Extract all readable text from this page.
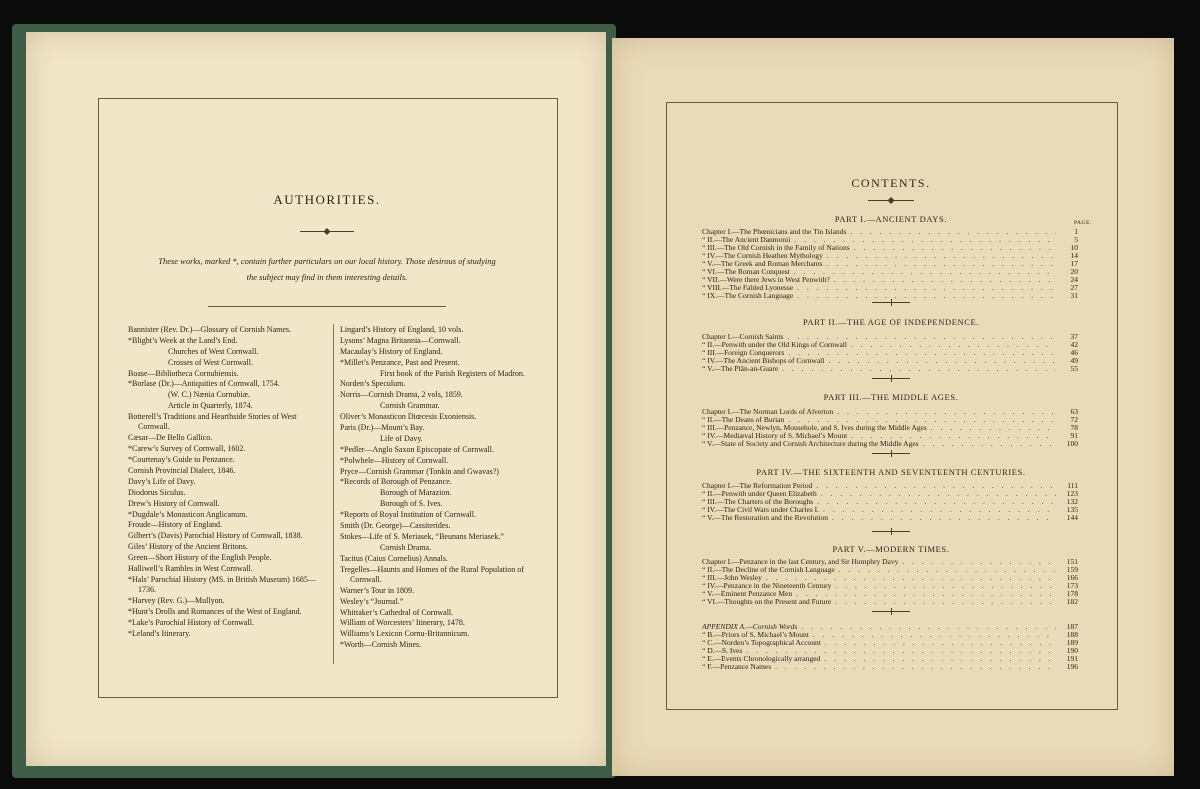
AUTHORITIES.
These works, marked *, contain further particulars on our local history. Those desirous of studying
the subject may find in them interesting details.
Bannister (Rev. Dr.)—Glossary of Cornish Names.
*Blight’s Week at the Land’s End.
Churches of West Cornwall.
Crosses of West Cornwall.
Boase—Bibliotheca Cornubiensis.
*Borlase (Dr.)—Antiquities of Cornwall, 1754.
(W. C.) Nænia Cornubiæ.
Article in Quarterly, 1874.
Botterell’s Traditions and Hearthside Stories of West Cornwall.
Cæsar—De Bello Gallico.
*Carew’s Survey of Cornwall, 1602.
*Courtenay’s Guide to Penzance.
Cornish Provincial Dialect, 1846.
Davy’s Life of Davy.
Diodorus Siculus.
Drew’s History of Cornwall.
*Dugdale’s Monasticon Anglicanum.
Froude—History of England.
Gilbert’s (Davis) Parochial History of Cornwall, 1838.
Giles’ History of the Ancient Britons.
Green—Short History of the English People.
Halliwell’s Rambles in West Cornwall.
*Hals’ Parochial History (MS. in British Museum) 1685—1736.
*Harvey (Rev. G.)—Mullyon.
*Hunt’s Drolls and Romances of the West of England.
*Lake’s Parochial History of Cornwall.
*Leland’s Itinerary.
Lingard’s History of England, 10 vols.
Lysons’ Magna Britannia—Cornwall.
Macaulay’s History of England.
*Millet’s Penzance, Past and Present.
First book of the Parish Registers of Madron.
Norden’s Speculum.
Norris—Cornish Drama, 2 vols, 1859.
Cornish Grammar.
Oliver’s Monasticon Diœcesis Exoniensis.
Paris (Dr.)—Mount’s Bay.
Life of Davy.
*Pedler—Anglo Saxon Episcopate of Cornwall.
*Polwhele—History of Cornwall.
Pryce—Cornish Grammar (Tonkin and Gwavas?)
*Records of Borough of Penzance.
Borough of Marazion.
Borough of S. Ives.
*Reports of Royal Institution of Cornwall.
Smith (Dr. George)—Cassiterides.
Stokes—Life of S. Meriasek, “Beunans Meriasek.”
Cornish Drama.
Tacitus (Caius Cornelius) Annals.
Tregelles—Haunts and Homes of the Rural Population of Cornwall.
Warner’s Tour in 1809.
Wesley’s “Journal.”
Whittaker’s Cathedral of Cornwall.
William of Worcesters’ Itinerary, 1478.
Williams’s Lexicon Cornu-Britannicum.
*Worth—Cornish Mines.
CONTENTS.
PAGE.
PART I.—ANCIENT DAYS.
Chapter I.—The Phœnicians and the Tin Islands . . .	1
“ II.—The Ancient Danmonii . . .	5
“ III.—The Old Cornish in the Family of Nations . . .	10
“ IV.—The Cornish Heathen Mythology . . .	14
“ V.—The Greek and Roman Merchants . . .	17
“ VI.—The Roman Conquest . . .	20
“ VII.—Were there Jews in West Penwith? . . .	24
“ VIII.—The Fabled Lyonesse . . .	27
“ IX.—The Cornish Language . . .	31
PART II.—THE AGE OF INDEPENDENCE.
Chapter I.—Cornish Saints . . .	37
“ II.—Penwith under the Old Kings of Cornwall . . .	42
“ III.—Foreign Conquerors . . .	46
“ IV.—The Ancient Bishops of Cornwall . . .	49
“ V.—The Plân-an-Guare . . .	55
PART III.—THE MIDDLE AGES.
Chapter I.—The Norman Lords of Alverton . . .	63
“ II.—The Deans of Burian . . .	72
“ III.—Penzance, Newlyn, Mousehole, and S. Ives during the Middle Ages . . .	78
“ IV.—Mediæval History of S. Michael’s Mount . . .	91
“ V.—State of Society and Cornish Architecture during the Middle Ages . . .	100
PART IV.—THE SIXTEENTH AND SEVENTEENTH CENTURIES.
Chapter I.—The Reformation Period . . .	111
“ II.—Penwith under Queen Elizabeth . . .	123
“ III.—The Charters of the Boroughs . . .	132
“ IV.—The Civil Wars under Charles I. . . .	135
“ V.—The Restoration and the Revolution . . .	144
PART V.—MODERN TIMES.
Chapter I.—Penzance in the last Century, and Sir Humphry Davy . . .	151
“ II.—The Decline of the Cornish Language . . .	159
“ III.—John Wesley . . .	166
“ IV.—Penzance in the Nineteenth Century . . .	173
“ V.—Eminent Penzance Men . . .	178
“ VI.—Thoughts on the Present and Future . . .	182
APPENDIX A.—Cornish Words . . .	187
“ B.—Priors of S. Michael’s Mount . . .	188
“ C.—Norden’s Topographical Account . . .	189
“ D.—S. Ives . . .	190
“ E.—Events Chronologically arranged . . .	191
“ F.—Penzance Names . . .	196
